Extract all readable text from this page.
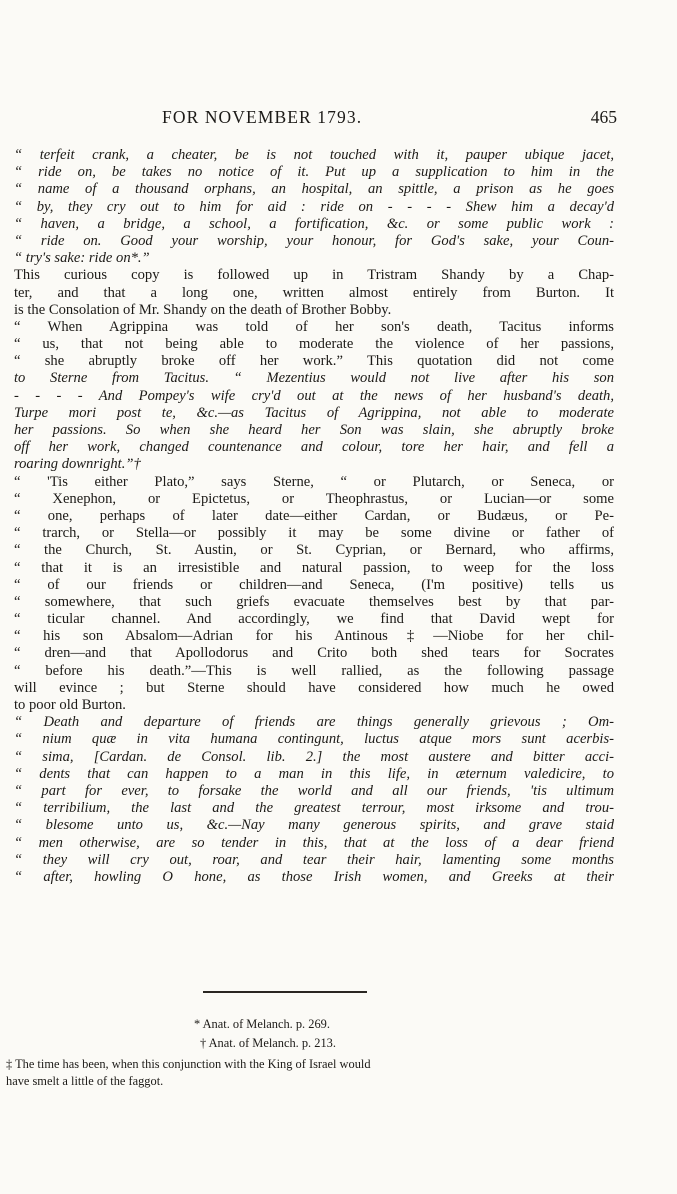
FOR NOVEMBER 1793.	465
“ terfeit crank, a cheater, be is not touched with it, pauper ubique jacet,
“ ride on, be takes no notice of it. Put up a supplication to him in the
“ name of a thousand orphans, an hospital, an spittle, a prison as he goes
“ by, they cry out to him for aid : ride on - - - - Shew him a decay'd
“ haven, a bridge, a school, a fortification, &c. or some public work :
“ ride on. Good your worship, your honour, for God's sake, your Coun-
“ try's sake: ride on*.”
This curious copy is followed up in Tristram Shandy by a Chap-
ter, and that a long one, written almost entirely from Burton. It
is the Consolation of Mr. Shandy on the death of Brother Bobby.
“ When Agrippina was told of her son's death, Tacitus informs
“ us, that not being able to moderate the violence of her passions,
“ she abruptly broke off her work.” This quotation did not come
to Sterne from Tacitus. “ Mezentius would not live after his son
- - - - And Pompey's wife cry'd out at the news of her husband's death,
Turpe mori post te, &c.—as Tacitus of Agrippina, not able to moderate
her passions. So when she heard her Son was slain, she abruptly broke
off her work, changed countenance and colour, tore her hair, and fell a
roaring downright.”†
“ 'Tis either Plato,” says Sterne, “ or Plutarch, or Seneca, or
“ Xenephon, or Epictetus, or Theophrastus, or Lucian—or some
“ one, perhaps of later date—either Cardan, or Budæus, or Pe-
“ trarch, or Stella—or possibly it may be some divine or father of
“ the Church, St. Austin, or St. Cyprian, or Bernard, who affirms,
“ that it is an irresistible and natural passion, to weep for the loss
“ of our friends or children—and Seneca, (I'm positive) tells us
“ somewhere, that such griefs evacuate themselves best by that par-
“ ticular channel. And accordingly, we find that David wept for
“ his son Absalom—Adrian for his Antinous‡—Niobe for her chil-
“ dren—and that Apollodorus and Crito both shed tears for Socrates
“ before his death.”—This is well rallied, as the following passage
will evince ; but Sterne should have considered how much he owed
to poor old Burton.
“ Death and departure of friends are things generally grievous ; Om-
“ nium quæ in vita humana contingunt, luctus atque mors sunt acerbis-
“ sima, [Cardan. de Consol. lib. 2.] the most austere and bitter acci-
“ dents that can happen to a man in this life, in æternum valedicire, to
“ part for ever, to forsake the world and all our friends, 'tis ultimum
“ terribilium, the last and the greatest terrour, most irksome and trou-
“ blesome unto us, &c.—Nay many generous spirits, and grave staid
“ men otherwise, are so tender in this, that at the loss of a dear friend
“ they will cry out, roar, and tear their hair, lamenting some months
“ after, howling O hone, as those Irish women, and Greeks at their
* Anat. of Melanch. p. 269.
† Anat. of Melanch. p. 213.
‡ The time has been, when this conjunction with the King of Israel would
have smelt a little of the faggot.
